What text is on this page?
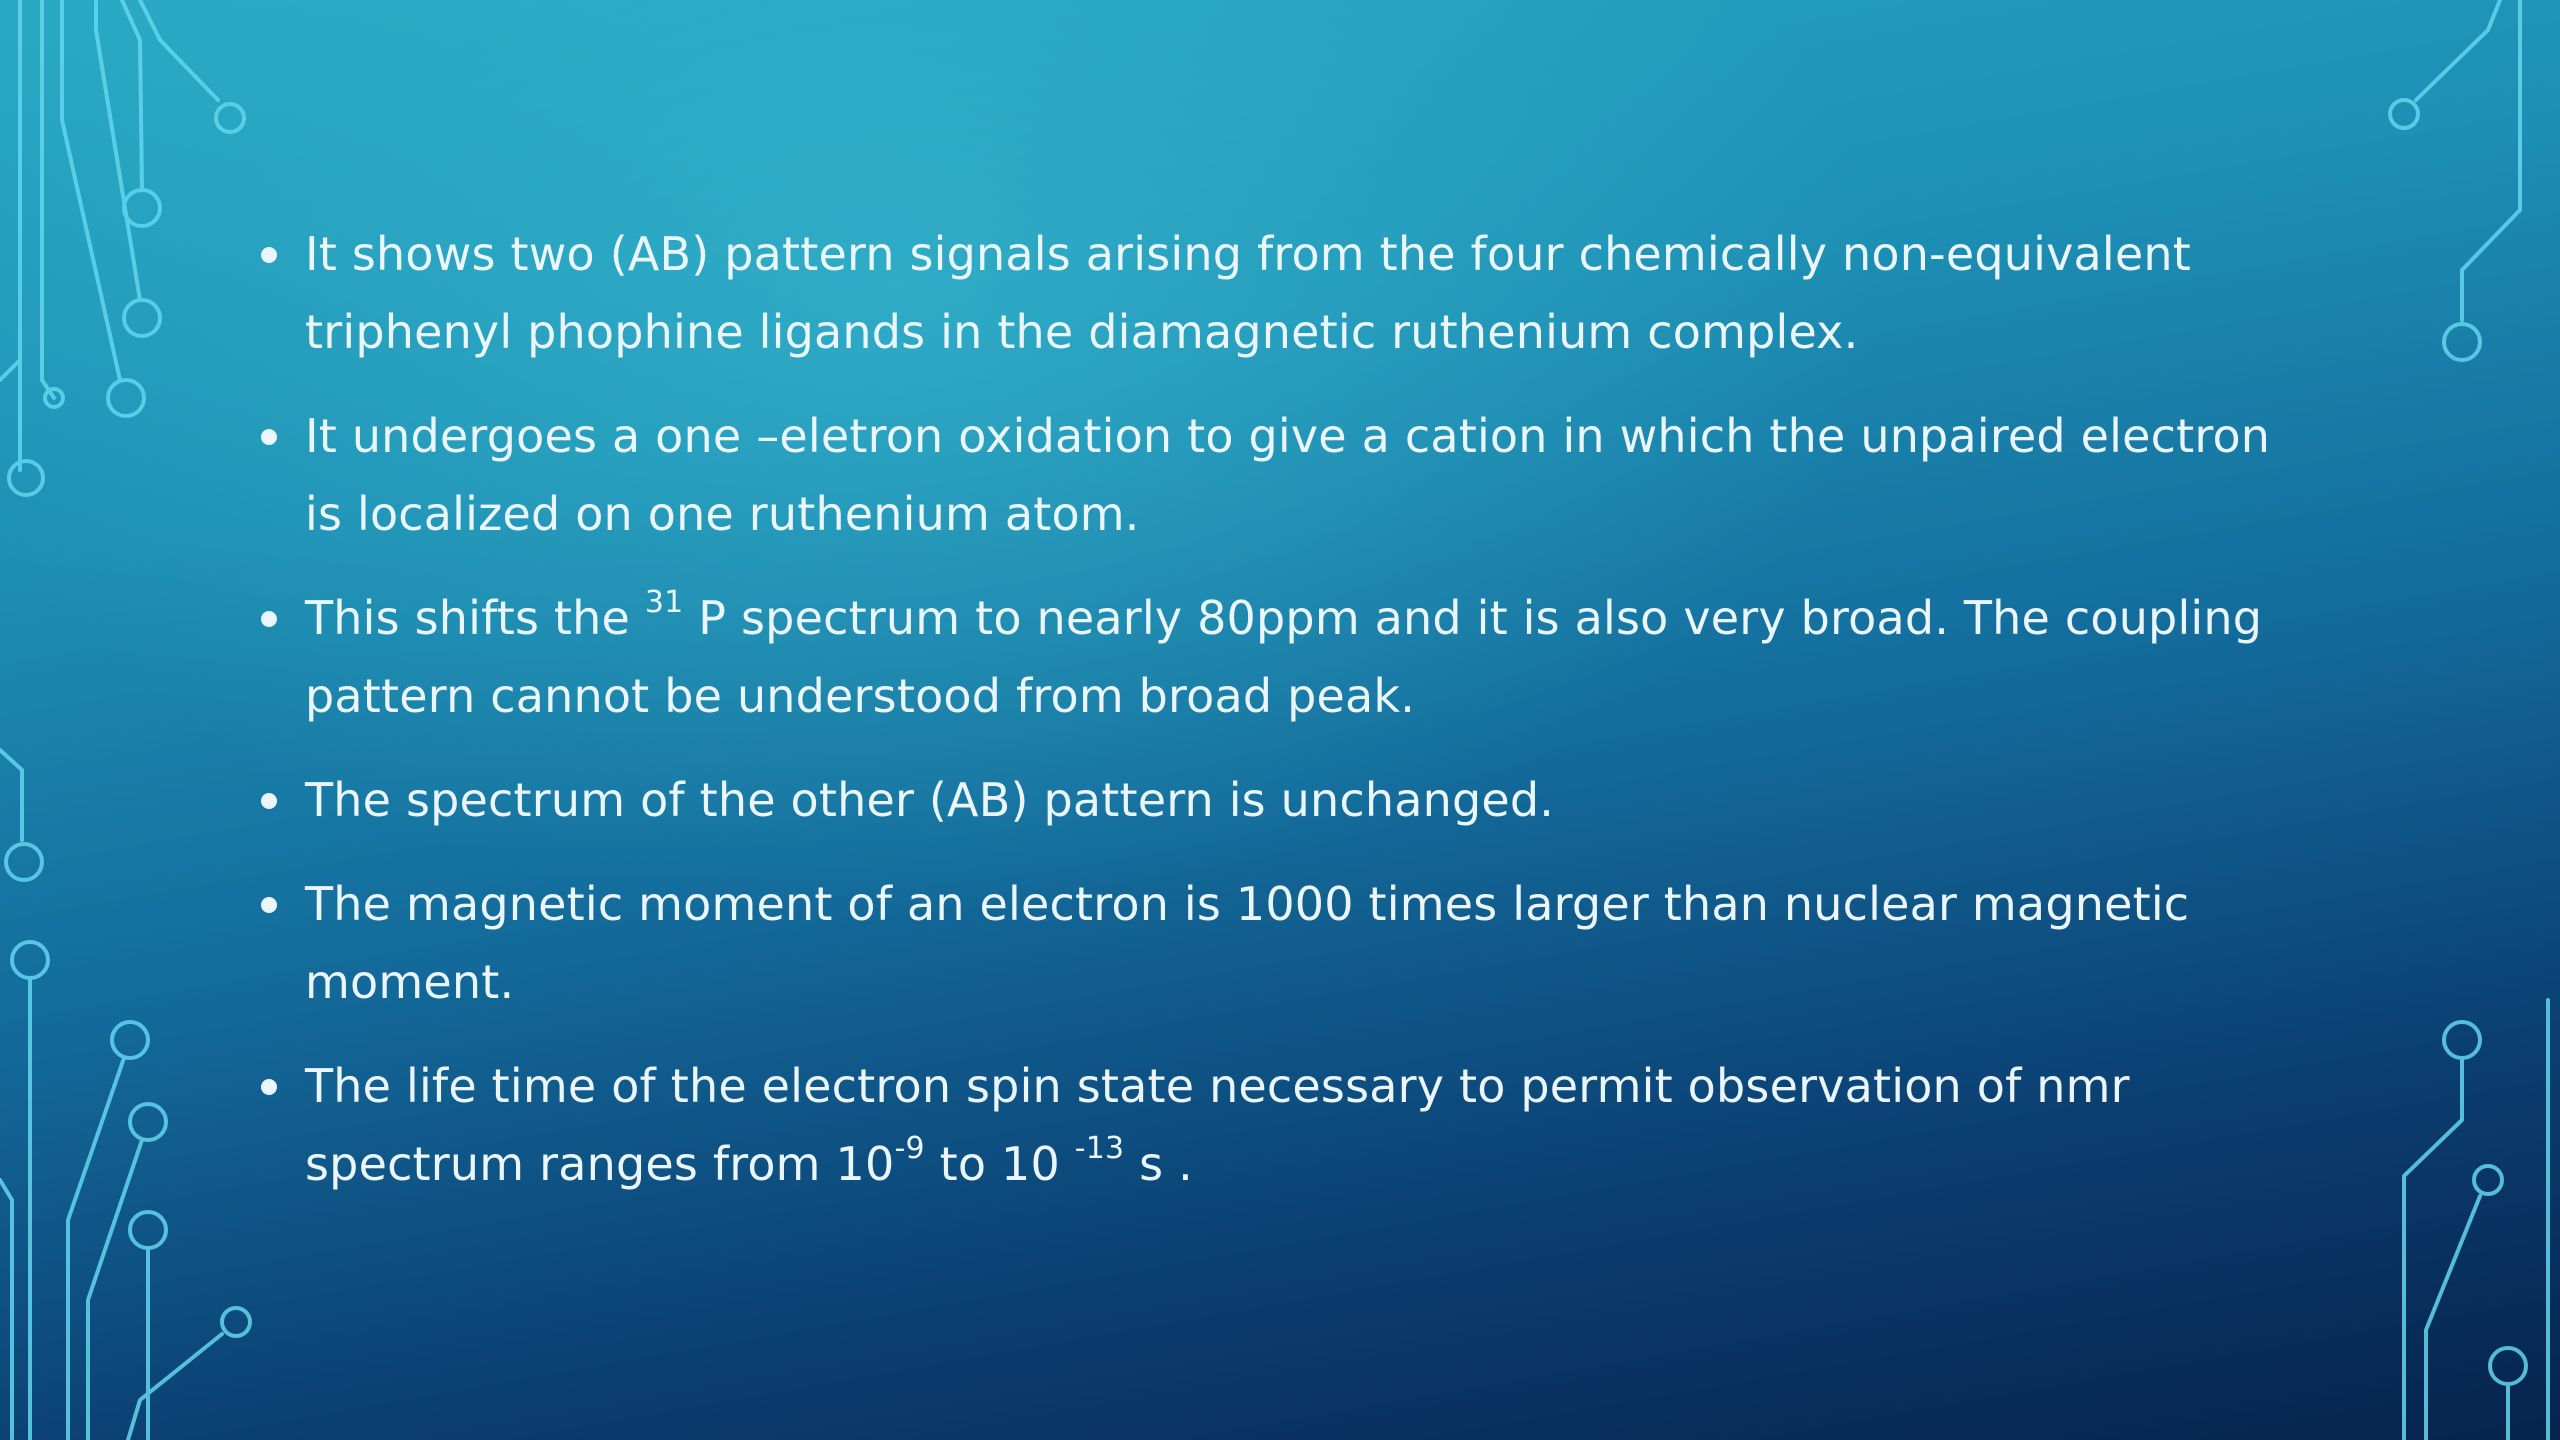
It shows two (AB) pattern signals arising from the four chemically non-equivalent triphenyl phophine ligands in the diamagnetic ruthenium complex.
It undergoes a one –eletron oxidation to give a cation in which the unpaired electron is localized on one ruthenium atom.
This shifts the $^{31}$ P spectrum to nearly 80ppm and it is also very broad. The coupling pattern cannot be understood from broad peak.
The spectrum of the other (AB) pattern is unchanged.
The magnetic moment of an electron is 1000 times larger than nuclear magnetic moment.
The life time of the electron spin state necessary to permit observation of nmr spectrum ranges from $10^{-9}$ to 10 $^{-13}$ s .
